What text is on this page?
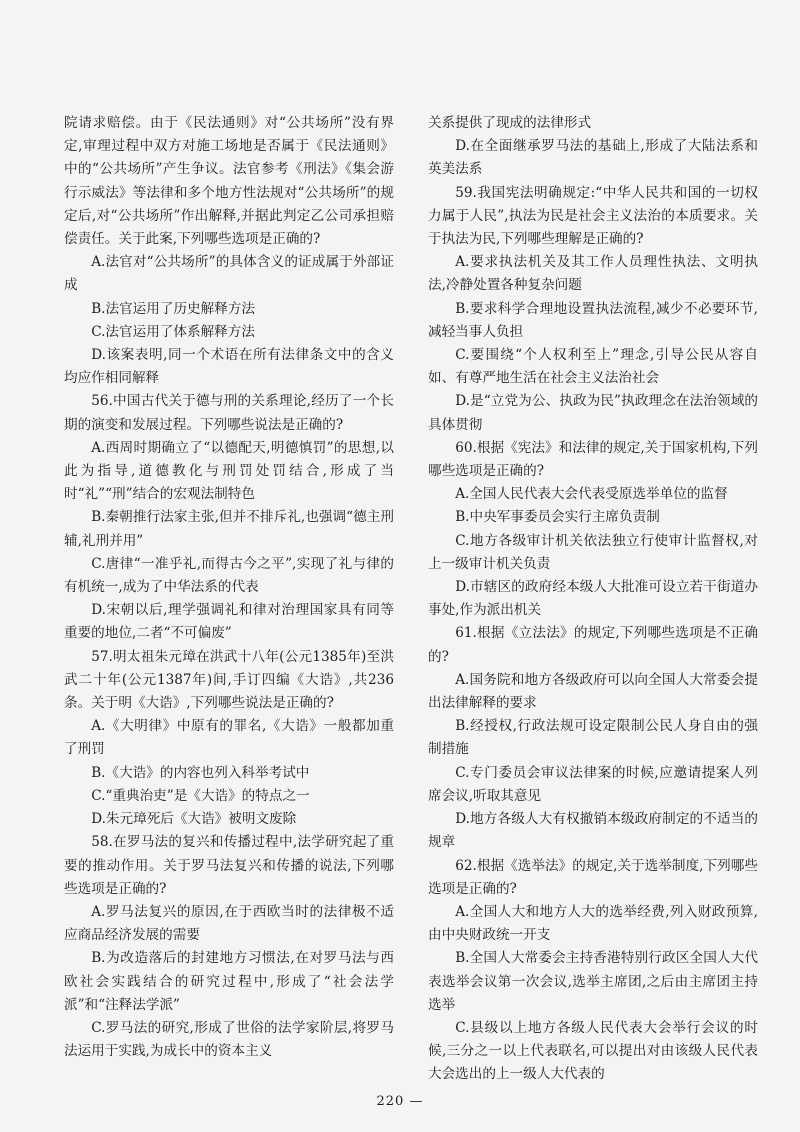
院请求赔偿。由于《民法通则》对“公共场所”没有界定,审理过程中双方对施工场地是否属于《民法通则》中的“公共场所”产生争议。法官参考《刑法》《集会游行示威法》等法律和多个地方性法规对“公共场所”的规定后,对“公共场所”作出解释,并据此判定乙公司承担赔偿责任。关于此案,下列哪些选项是正确的?

A.法官对“公共场所”的具体含义的证成属于外部证成

B.法官运用了历史解释方法

C.法官运用了体系解释方法

D.该案表明,同一个术语在所有法律条文中的含义均应作相同解释

56.中国古代关于德与刑的关系理论,经历了一个长期的演变和发展过程。下列哪些说法是正确的?

A.西周时期确立了“以德配天,明德慎罚”的思想,以此为指导,道德教化与刑罚处罚结合,形成了当时“礼”“刑”结合的宏观法制特色

B.秦朝推行法家主张,但并不排斥礼,也强调“德主刑辅,礼刑并用”

C.唐律“一准乎礼,而得古今之平”,实现了礼与律的有机统一,成为了中华法系的代表

D.宋朝以后,理学强调礼和律对治理国家具有同等重要的地位,二者“不可偏废”

57.明太祖朱元璋在洪武十八年(公元1385年)至洪武二十年(公元1387年)间,手订四编《大诰》,共236条。关于明《大诰》,下列哪些说法是正确的?

A.《大明律》中原有的罪名,《大诰》一般都加重了刑罚

B.《大诰》的内容也列入科举考试中

C.“重典治吏”是《大诰》的特点之一

D.朱元璋死后《大诰》被明文废除

58.在罗马法的复兴和传播过程中,法学研究起了重要的推动作用。关于罗马法复兴和传播的说法,下列哪些选项是正确的?

A.罗马法复兴的原因,在于西欧当时的法律极不适应商品经济发展的需要

B.为改造落后的封建地方习惯法,在对罗马法与西欧社会实践结合的研究过程中,形成了“社会法学派”和“注释法学派”

C.罗马法的研究,形成了世俗的法学家阶层,将罗马法运用于实践,为成长中的资本主义

关系提供了现成的法律形式

D.在全面继承罗马法的基础上,形成了大陆法系和英美法系

59.我国宪法明确规定:“中华人民共和国的一切权力属于人民”,执法为民是社会主义法治的本质要求。关于执法为民,下列哪些理解是正确的?

A.要求执法机关及其工作人员理性执法、文明执法,冷静处置各种复杂问题

B.要求科学合理地设置执法流程,减少不必要环节,减轻当事人负担

C.要围绕“个人权利至上”理念,引导公民从容自如、有尊严地生活在社会主义法治社会

D.是“立党为公、执政为民”执政理念在法治领域的具体贯彻

60.根据《宪法》和法律的规定,关于国家机构,下列哪些选项是正确的?

A.全国人民代表大会代表受原选举单位的监督

B.中央军事委员会实行主席负责制

C.地方各级审计机关依法独立行使审计监督权,对上一级审计机关负责

D.市辖区的政府经本级人大批准可设立若干街道办事处,作为派出机关

61.根据《立法法》的规定,下列哪些选项是不正确的?

A.国务院和地方各级政府可以向全国人大常委会提出法律解释的要求

B.经授权,行政法规可设定限制公民人身自由的强制措施

C.专门委员会审议法律案的时候,应邀请提案人列席会议,听取其意见

D.地方各级人大有权撤销本级政府制定的不适当的规章

62.根据《选举法》的规定,关于选举制度,下列哪些选项是正确的?

A.全国人大和地方人大的选举经费,列入财政预算,由中央财政统一开支

B.全国人大常委会主持香港特别行政区全国人大代表选举会议第一次会议,选举主席团,之后由主席团主持选举

C.县级以上地方各级人民代表大会举行会议的时候,三分之一以上代表联名,可以提出对由该级人民代表大会选出的上一级人大代表的

220 —
